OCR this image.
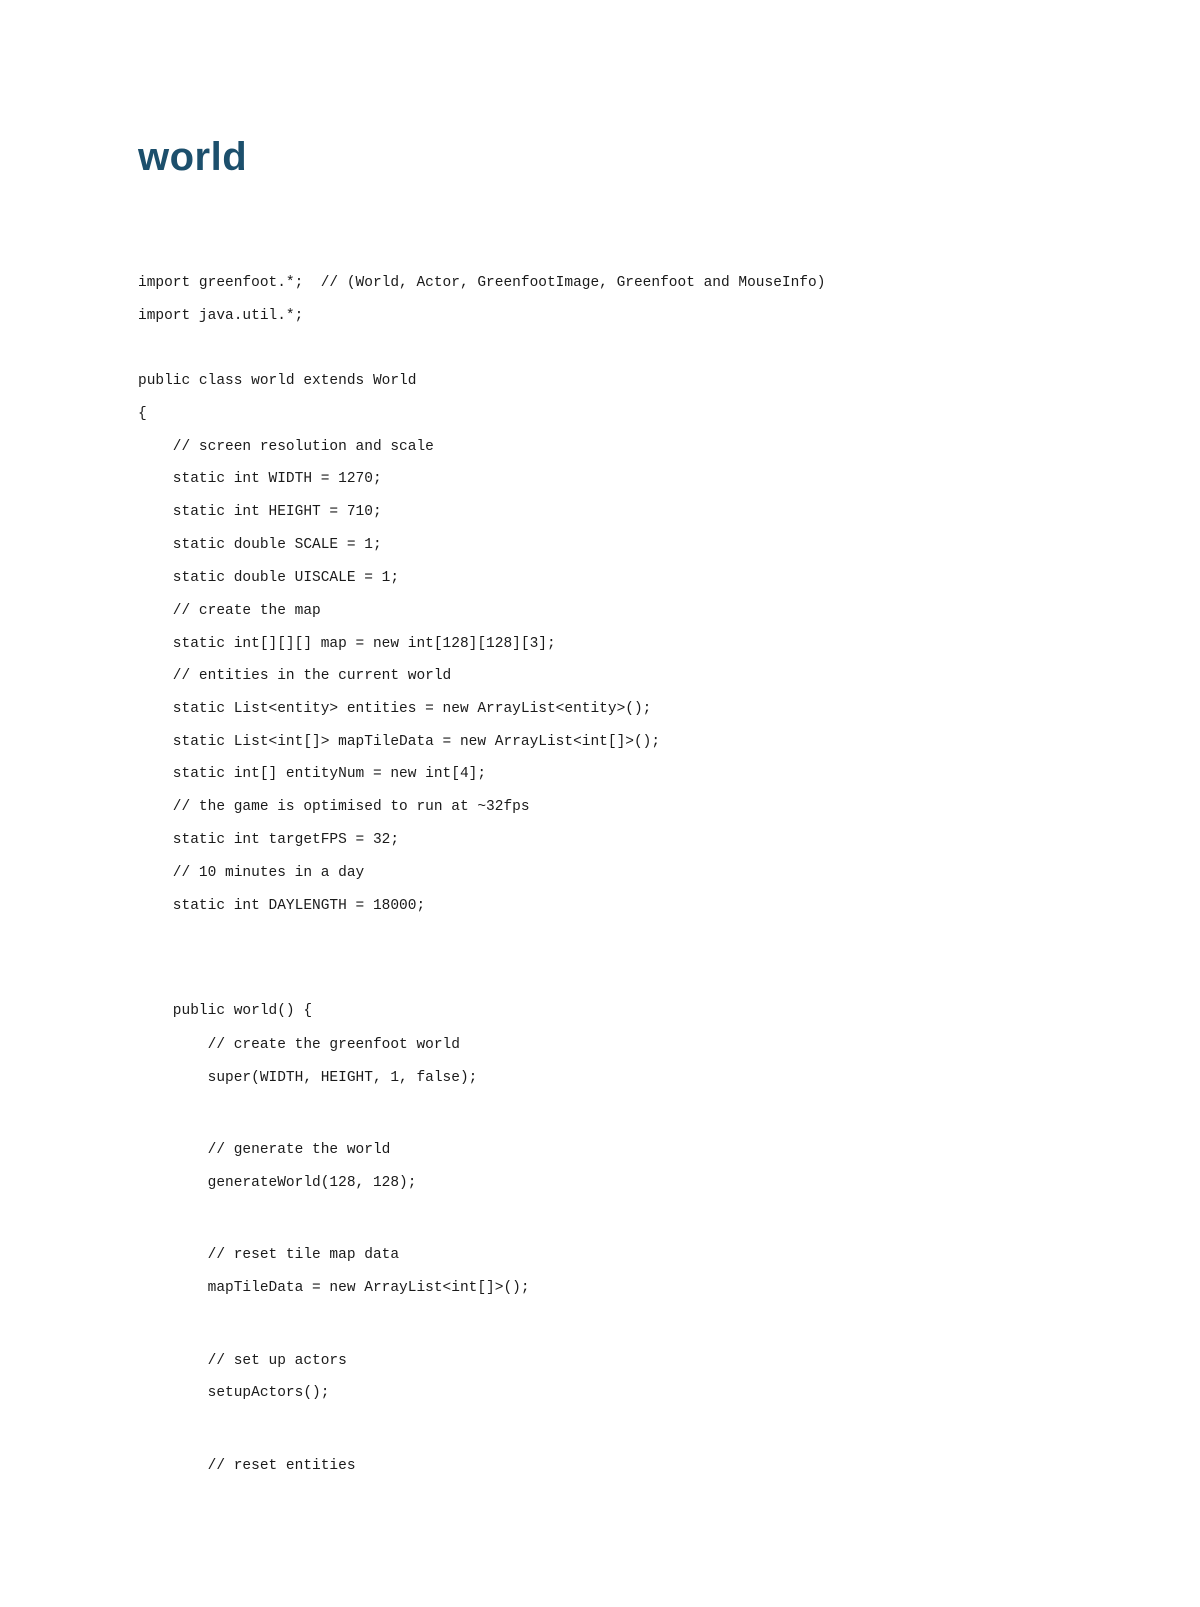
world
import greenfoot.*;  // (World, Actor, GreenfootImage, Greenfoot and MouseInfo)
import java.util.*;
public class world extends World
{
// screen resolution and scale
static int WIDTH = 1270;
static int HEIGHT = 710;
static double SCALE = 1;
static double UISCALE = 1;
// create the map
static int[][][] map = new int[128][128][3];
// entities in the current world
static List<entity> entities = new ArrayList<entity>();
static List<int[]> mapTileData = new ArrayList<int[]>();
static int[] entityNum = new int[4];
// the game is optimised to run at ~32fps
static int targetFPS = 32;
// 10 minutes in a day
static int DAYLENGTH = 18000;
public world() {
// create the greenfoot world
super(WIDTH, HEIGHT, 1, false);
// generate the world
generateWorld(128, 128);
// reset tile map data
mapTileData = new ArrayList<int[]>();
// set up actors
setupActors();
// reset entities
